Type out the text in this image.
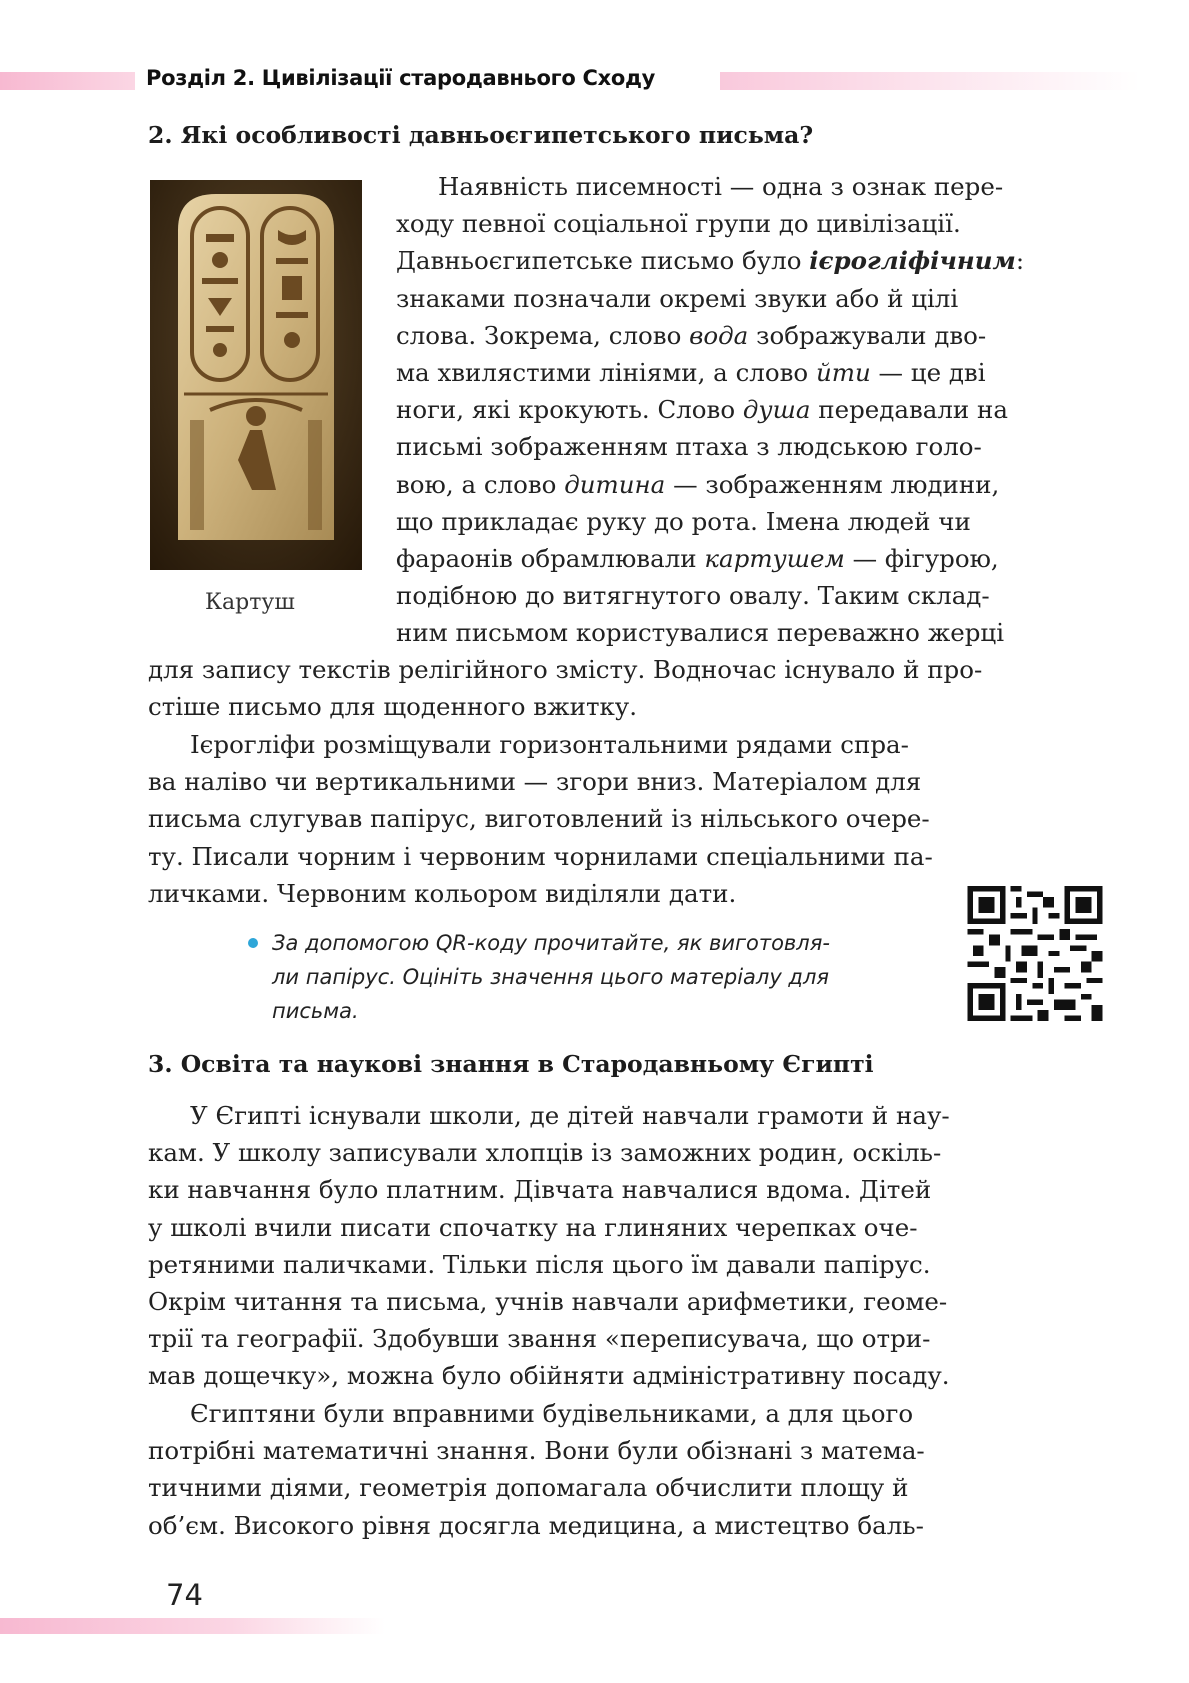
Розділ 2. Цивілізації стародавнього Сходу
2. Які особливості давньоєгипетського письма?
Картуш

Наявність писемності — одна з ознак пере-
ходу певної соціальної групи до цивілізації.
Давньоєгипетське письмо було ієрогліфічним:
знаками позначали окремі звуки або й цілі
слова. Зокрема, слово вода зображували дво-
ма хвилястими лініями, а слово йти — це дві
ноги, які крокують. Слово душа передавали на
письмі зображенням птаха з людською голо-
вою, а слово дитина — зображенням людини,
що прикладає руку до рота. Імена людей чи
фараонів обрамлювали картушем — фігурою,
подібною до витягнутого овалу. Таким склад-
ним письмом користувалися переважно жерці

для запису текстів релігійного змісту. Водночас існувало й про-
стіше письмо для щоденного вжитку.

Ієрогліфи розміщували горизонтальними рядами спра-
ва наліво чи вертикальними — згори вниз. Матеріалом для
письма слугував папірус, виготовлений із нільського очере-
ту. Писали чорним і червоним чорнилами спеціальними па-
личками. Червоним кольором виділяли дати.

За допомогою QR-коду прочитайте, як виготовля-
ли папірус. Оцініть значення цього матеріалу для
письма.
3. Освіта та наукові знання в Стародавньому Єгипті

У Єгипті існували школи, де дітей навчали грамоти й нау-
кам. У школу записували хлопців із заможних родин, оскіль-
ки навчання було платним. Дівчата навчалися вдома. Дітей
у школі вчили писати спочатку на глиняних черепках оче-
ретяними паличками. Тільки після цього їм давали папірус.
Окрім читання та письма, учнів навчали арифметики, геоме-
трії та географії. Здобувши звання «переписувача, що отри-
мав дощечку», можна було обійняти адміністративну посаду.

Єгиптяни були вправними будівельниками, а для цього
потрібні математичні знання. Вони були обізнані з матема-
тичними діями, геометрія допомагала обчислити площу й
об’єм. Високого рівня досягла медицина, а мистецтво баль-

74
